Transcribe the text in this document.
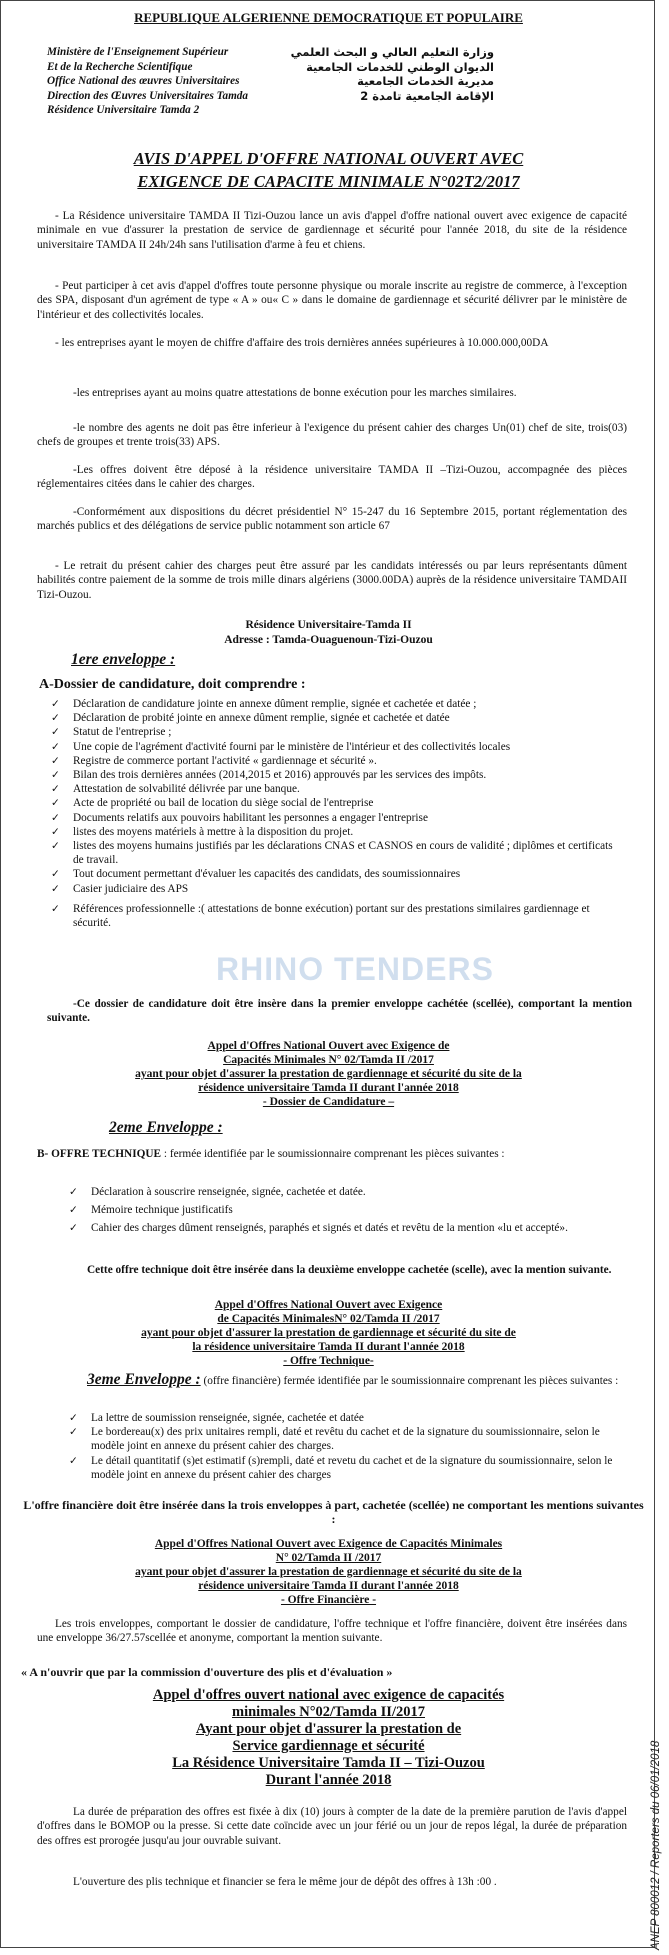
REPUBLIQUE ALGERIENNE DEMOCRATIQUE ET POPULAIRE
Ministère de l'Enseignement Supérieur
Et de la Recherche Scientifique
Office National des œuvres Universitaires
Direction des Œuvres Universitaires Tamda
Résidence Universitaire Tamda 2
وزارة التعليم العالي و البحث العلمي
الديوان الوطني للخدمات الجامعية
مديرية الخدمات الجامعية
الإقامة الجامعية تامدة 2
AVIS D'APPEL D'OFFRE NATIONAL OUVERT AVEC
EXIGENCE DE CAPACITE MINIMALE N°02T2/2017
- La Résidence universitaire TAMDA II Tizi-Ouzou lance un avis d'appel d'offre national ouvert avec exigence de capacité minimale en vue d'assurer la prestation de service de gardiennage et sécurité pour l'année 2018, du site de la résidence universitaire TAMDA II 24h/24h sans l'utilisation d'arme à feu et chiens.
- Peut participer à cet avis d'appel d'offres toute personne physique ou morale inscrite au registre de commerce, à l'exception des SPA, disposant d'un agrément de type « A » ou« C » dans le domaine de gardiennage et sécurité délivrer par le ministère de l'intérieur et des collectivités locales.
- les entreprises ayant le moyen de chiffre d'affaire des trois dernières années supérieures à 10.000.000,00DA
-les entreprises ayant au moins quatre attestations de bonne exécution pour les marches similaires.
-le nombre des agents ne doit pas être inferieur à l'exigence du présent cahier des charges Un(01) chef de site, trois(03) chefs de groupes et trente trois(33) APS.
-Les offres doivent être déposé à la résidence universitaire TAMDA II –Tizi-Ouzou, accompagnée des pièces réglementaires citées dans le cahier des charges.
-Conformément aux dispositions du décret présidentiel N° 15-247 du 16 Septembre 2015, portant réglementation des marchés publics et des délégations de service public notamment son article 67
- Le retrait du présent cahier des charges peut être assuré par les candidats intéressés ou par leurs représentants dûment habilités contre paiement de la somme de trois mille dinars algériens (3000.00DA) auprès de la résidence universitaire TAMDAII Tizi-Ouzou.
Résidence Universitaire-Tamda II
Adresse : Tamda-Ouaguenoun-Tizi-Ouzou
1ere enveloppe :
A-Dossier de candidature, doit comprendre :
✓ Déclaration de candidature jointe en annexe dûment remplie, signée et cachetée et datée ;
✓ Déclaration de probité jointe en annexe dûment remplie, signée et cachetée et datée
✓ Statut de l'entreprise ;
✓ Une copie de l'agrément d'activité fourni par le ministère de l'intérieur et des collectivités locales
✓ Registre de commerce portant l'activité « gardiennage et sécurité ».
✓ Bilan des trois dernières années (2014,2015 et 2016) approuvés par les services des impôts.
✓ Attestation de solvabilité délivrée par une banque.
✓ Acte de propriété ou bail de location du siège social de l'entreprise
✓ Documents relatifs aux pouvoirs habilitant les personnes a engager l'entreprise
✓ listes des moyens matériels à mettre à la disposition du projet.
✓ listes des moyens humains justifiés par les déclarations CNAS et CASNOS en cours de validité ; diplômes et certificats de travail.
✓ Tout document permettant d'évaluer les capacités des candidats, des soumissionnaires
✓ Casier judiciaire des APS
✓ Références professionnelle :( attestations de bonne exécution) portant sur des prestations similaires gardiennage et sécurité.
RHINO TENDERS
-Ce dossier de candidature doit être insère dans la premier enveloppe cachétée (scellée), comportant la mention suivante.
Appel d'Offres National Ouvert avec Exigence de
Capacités Minimales N° 02/Tamda II /2017
ayant pour objet d'assurer la prestation de gardiennage et sécurité du site de la
résidence universitaire Tamda II durant l'année 2018
- Dossier de Candidature –
2eme Enveloppe :
B- OFFRE TECHNIQUE : fermée identifiée par le soumissionnaire comprenant les pièces suivantes :
✓ Déclaration à souscrire renseignée, signée, cachetée et datée.
✓ Mémoire technique justificatifs
✓ Cahier des charges dûment renseignés, paraphés et signés et datés et revêtu de la mention «lu et accepté».
Cette offre technique doit être insérée dans la deuxième enveloppe cachetée (scelle), avec la mention suivante.
Appel d'Offres National Ouvert avec Exigence
de Capacités MinimalesN° 02/Tamda II /2017
ayant pour objet d'assurer la prestation de gardiennage et sécurité du site de
la résidence universitaire Tamda II durant l'année 2018
- Offre Technique-
3eme Enveloppe : (offre financière) fermée identifiée par le soumissionnaire comprenant les pièces suivantes :
✓ La lettre de soumission renseignée, signée, cachetée et datée
✓ Le bordereau(x) des prix unitaires rempli, daté et revêtu du cachet et de la signature du soumissionnaire, selon le modèle joint en annexe du présent cahier des charges.
✓ Le détail quantitatif (s)et estimatif (s)rempli, daté et revetu du cachet et de la signature du soumissionnaire, selon le modèle joint en annexe du présent cahier des charges
L'offre financière doit être insérée dans la trois enveloppes à part, cachetée (scellée) ne comportant les mentions suivantes :
Appel d'Offres National Ouvert avec Exigence de Capacités Minimales
N° 02/Tamda II /2017
ayant pour objet d'assurer la prestation de gardiennage et sécurité du site de la
résidence universitaire Tamda II durant l'année 2018
- Offre Financière -
Les trois enveloppes, comportant le dossier de candidature, l'offre technique et l'offre financière, doivent être insérées dans une enveloppe 36/27.57scellée et anonyme, comportant la mention suivante.
« A n'ouvrir que par la commission d'ouverture des plis et d'évaluation »
Appel d'offres ouvert national avec exigence de capacités
minimales N°02/Tamda II/2017
Ayant pour objet d'assurer la prestation de
Service gardiennage et sécurité
La Résidence Universitaire Tamda II – Tizi-Ouzou
Durant l'année 2018
La durée de préparation des offres est fixée à dix (10) jours à compter de la date de la première parution de l'avis d'appel d'offres dans le BOMOP ou la presse. Si cette date coïncide avec un jour férié ou un jour de repos légal, la durée de préparation des offres est prorogée jusqu'au jour ouvrable suivant.
L'ouverture des plis technique et financier se fera le même jour de dépôt des offres à 13h :00 .	ANEP 800012 / Reporters du 06/01/2018
